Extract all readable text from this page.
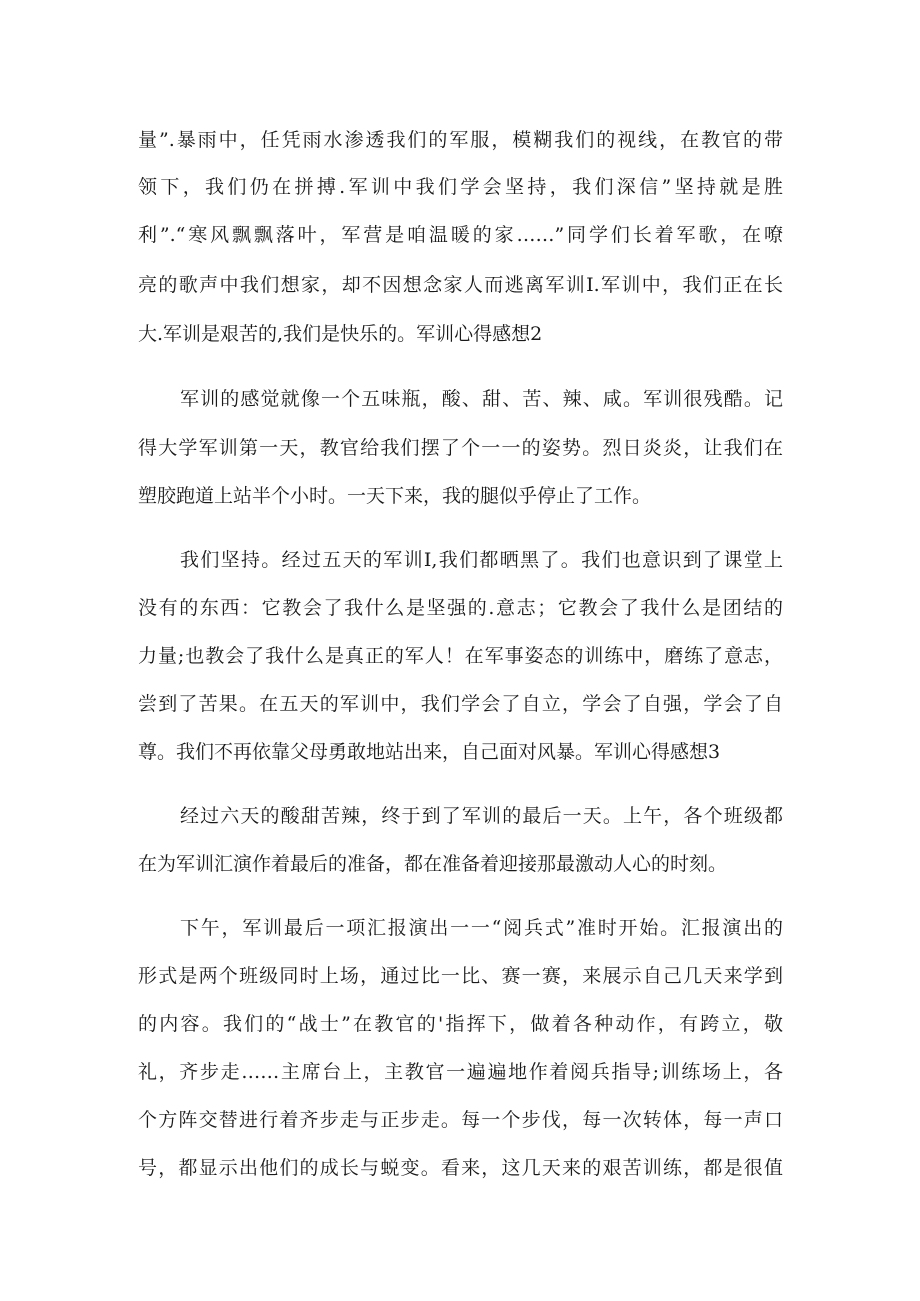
量”.暴雨中，任凭雨水渗透我们的军服，模糊我们的视线，在教官的带
领下，我们仍在拼搏.军训中我们学会坚持，我们深信”坚持就是胜
利”.“寒风飘飘落叶，军营是咱温暖的家……”同学们长着军歌，在嘹
亮的歌声中我们想家，却不因想念家人而逃离军训I.军训中，我们正在长
大.军训是艰苦的,我们是快乐的。军训心得感想2
军训的感觉就像一个五味瓶，酸、甜、苦、辣、咸。军训很残酷。记
得大学军训第一天，教官给我们摆了个一一的姿势。烈日炎炎，让我们在
塑胶跑道上站半个小时。一天下来，我的腿似乎停止了工作。
我们坚持。经过五天的军训I,我们都晒黑了。我们也意识到了课堂上
没有的东西：它教会了我什么是坚强的.意志；它教会了我什么是团结的
力量;也教会了我什么是真正的军人！在军事姿态的训练中，磨练了意志，
尝到了苦果。在五天的军训中，我们学会了自立，学会了自强，学会了自
尊。我们不再依靠父母勇敢地站出来，自己面对风暴。军训心得感想3
经过六天的酸甜苦辣，终于到了军训的最后一天。上午，各个班级都
在为军训汇演作着最后的准备，都在准备着迎接那最激动人心的时刻。
下午，军训最后一项汇报演出一一“阅兵式”准时开始。汇报演出的
形式是两个班级同时上场，通过比一比、赛一赛，来展示自己几天来学到
的内容。我们的“战士”在教官的'指挥下，做着各种动作，有跨立，敬
礼，齐步走……主席台上，主教官一遍遍地作着阅兵指导;训练场上，各
个方阵交替进行着齐步走与正步走。每一个步伐，每一次转体，每一声口
号，都显示出他们的成长与蜕变。看来，这几天来的艰苦训练，都是很值
